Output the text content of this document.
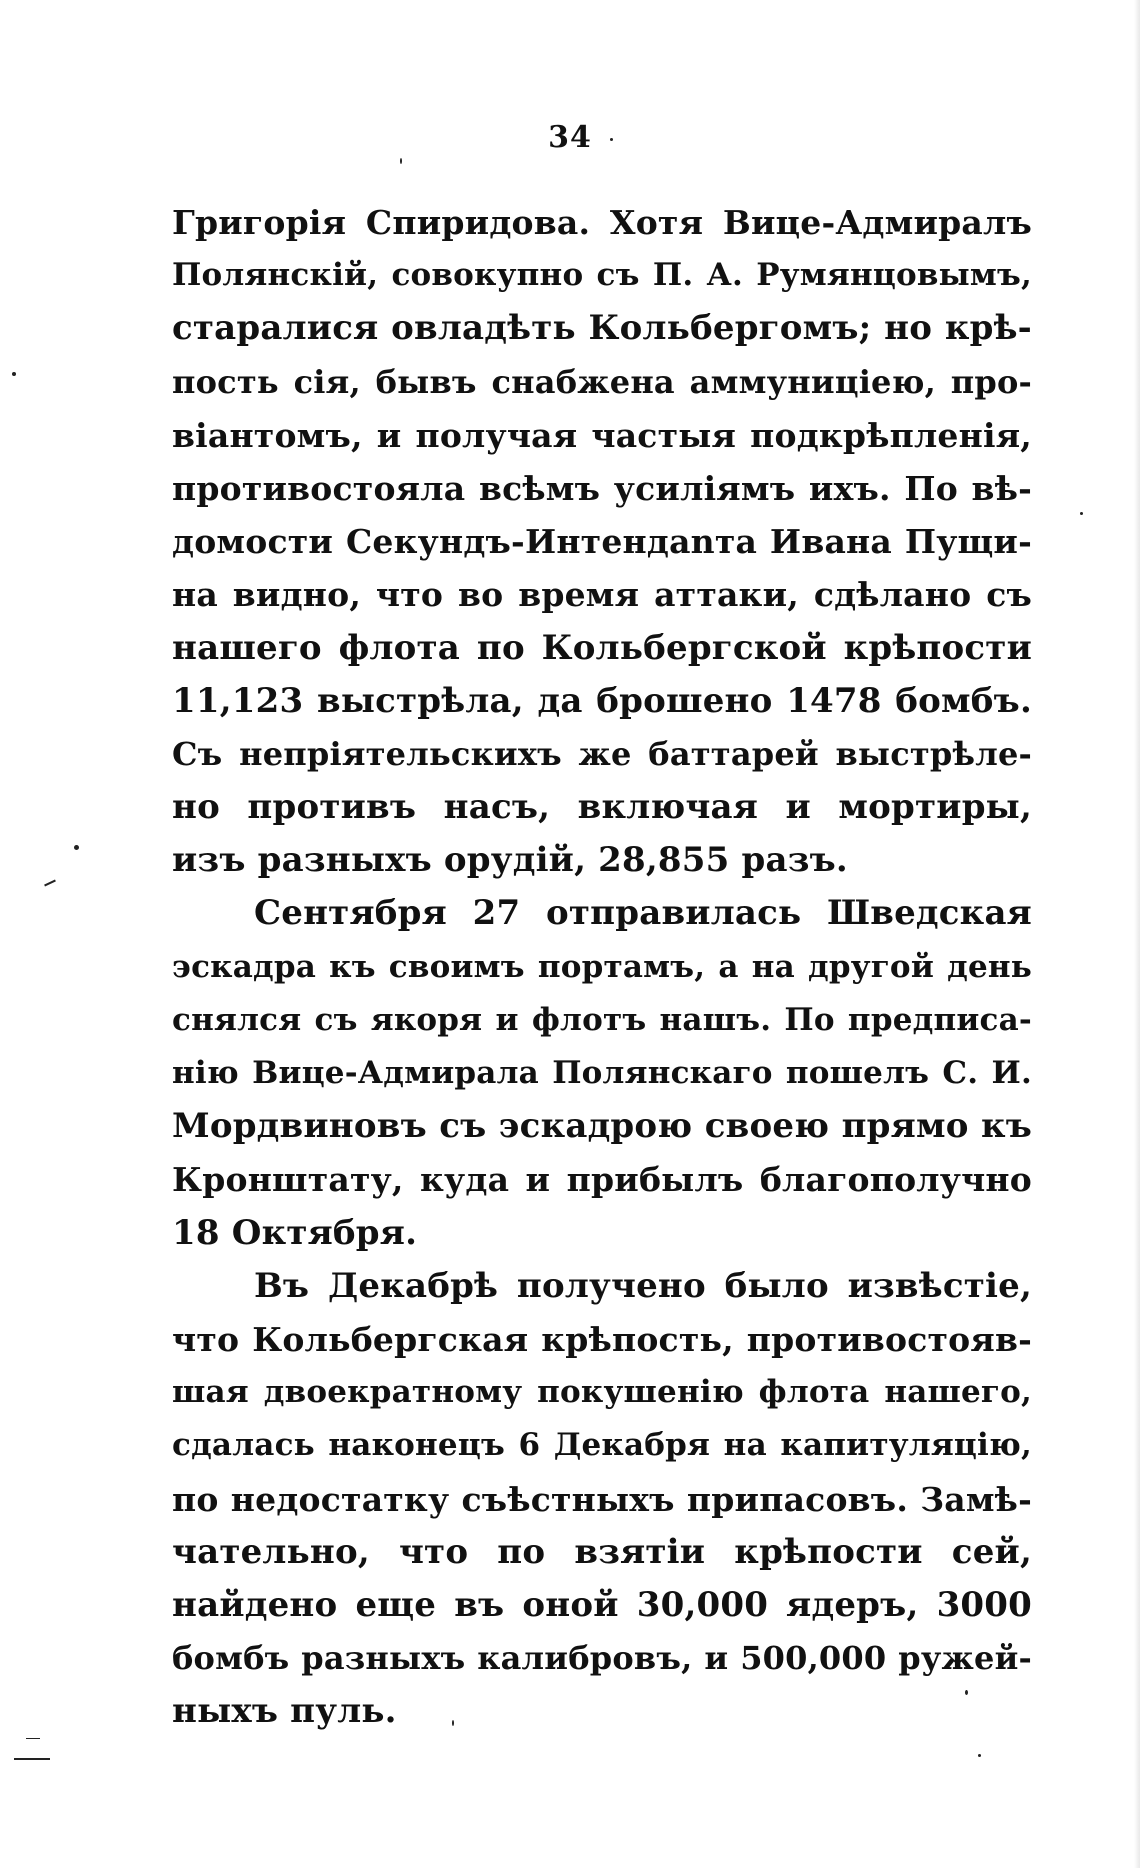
34
Григорія Спиридова. Хотя Вице-Адмиралъ
Полянскій, совокупно съ П. А. Румянцовымъ,
старалися овладѣть Кольбергомъ; но крѣ-
пость сія, бывъ снабжена аммуниціею, про-
віантомъ, и получая частыя подкрѣпленія,
противостояла всѣмъ усиліямъ ихъ. По вѣ-
домости Секундъ-Интендаnта Ивана Пущи-
на видно, что во время аттаки, сдѣлано съ
нашего флота по Кольбергской крѣпости
11,123 выстрѣла, да брошено 1478 бомбъ.
Съ непріятельскихъ же баттарей выстрѣле-
но противъ насъ, включая и мортиры,
изъ разныхъ орудій, 28,855 разъ.
Сентября 27 отправилась Шведская
эскадра къ своимъ портамъ, а на другой день
снялся съ якоря и флотъ нашъ. По предписа-
нію Вице-Адмирала Полянскаго пошелъ С. И.
Мордвиновъ съ эскадрою своею прямо къ
Кронштату, куда и прибылъ благополучно
18 Октября.
Въ Декабрѣ получено было извѣстіе,
что Кольбергская крѣпость, противостояв-
шая двоекратному покушенію флота нашего,
сдалась наконецъ 6 Декабря на капитуляцію,
по недостатку съѣстныхъ припасовъ. Замѣ-
чательно, что по взятіи крѣпости сей,
найдено еще въ оной 30,000 ядеръ, 3000
бомбъ разныхъ калибровъ, и 500,000 ружей-
ныхъ пуль.
